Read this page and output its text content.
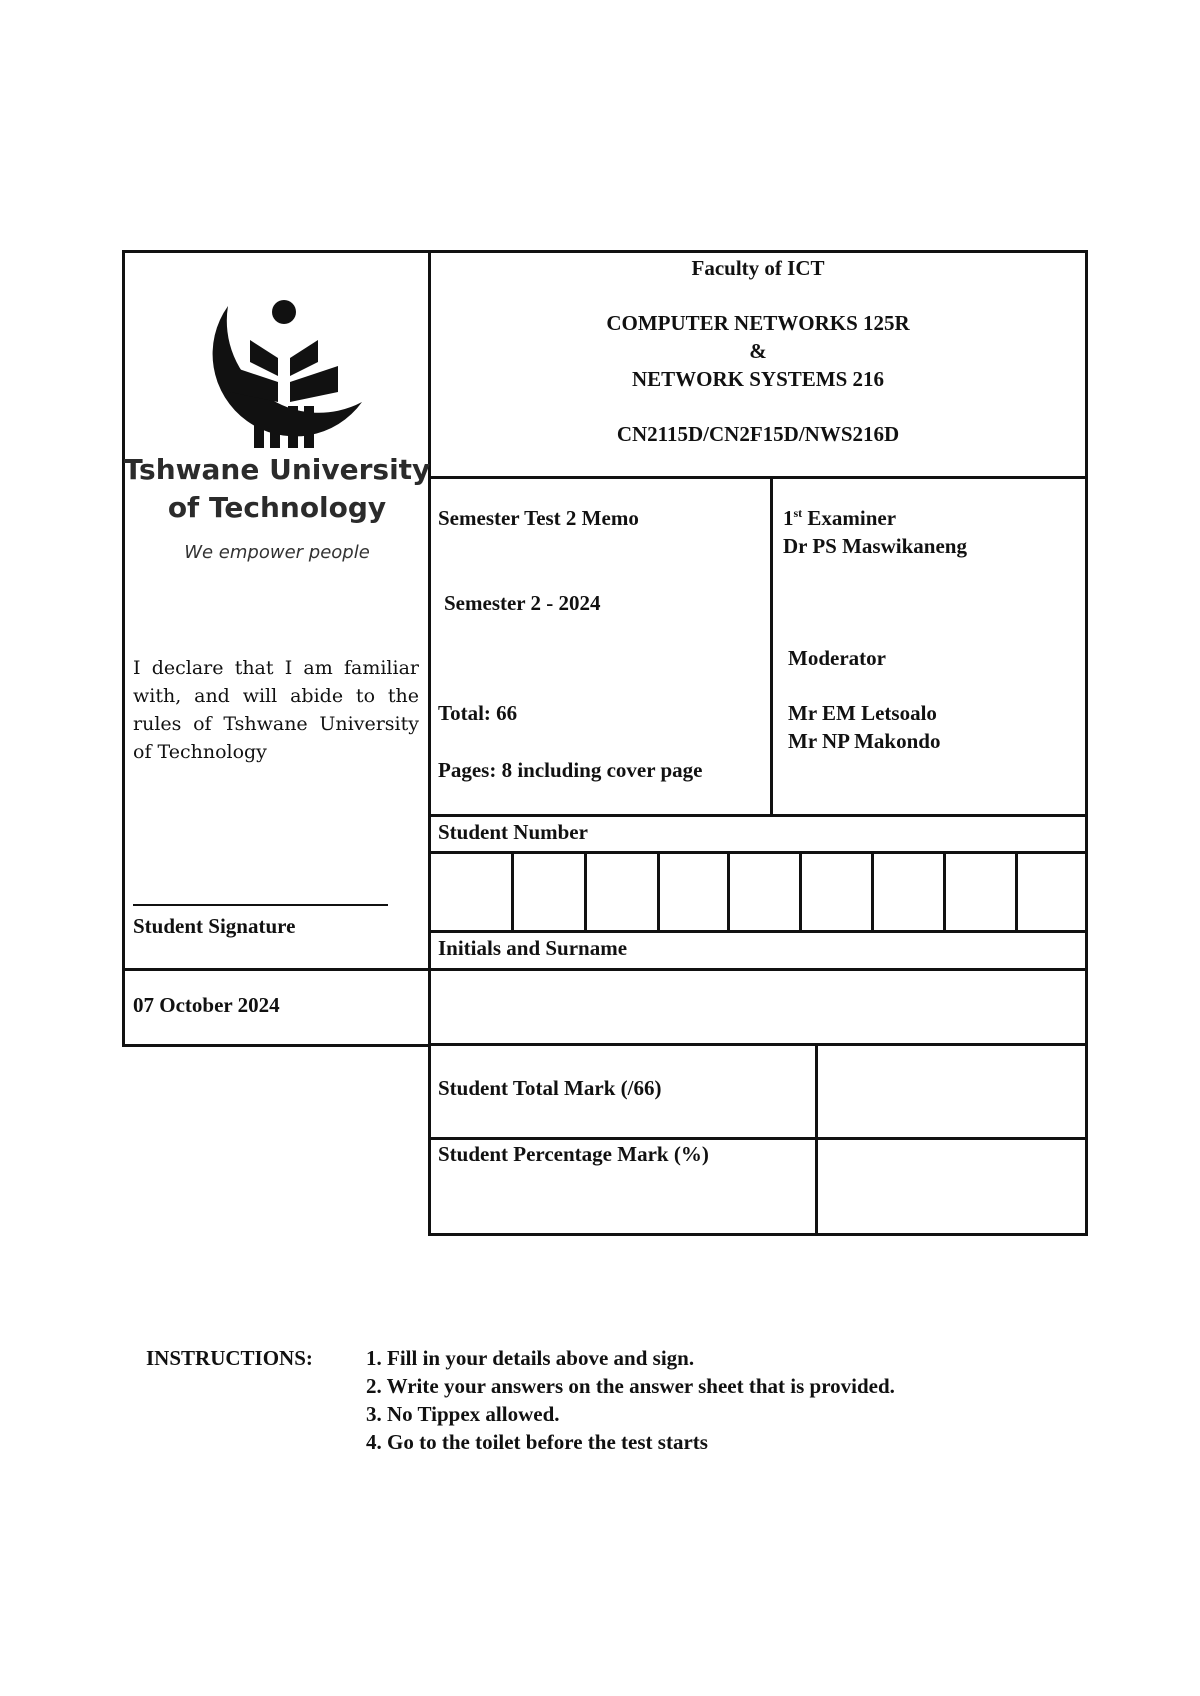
Tshwane University
of Technology
We empower people
I declare that I am familiar with, and will abide to the rules of Tshwane University of Technology
Student Signature
07 October 2024
Faculty of ICT
COMPUTER NETWORKS 125R
&
NETWORK SYSTEMS 216
CN2115D/CN2F15D/NWS216D
Semester Test 2 Memo
Semester 2 - 2024
Total: 66
Pages: 8 including cover page
1st Examiner
Dr PS Maswikaneng
Moderator
Mr EM Letsoalo
Mr NP Makondo
Student Number
Initials and Surname
Student Total Mark (/66)
Student Percentage Mark (%)
INSTRUCTIONS:	1. Fill in your details above and sign.
2. Write your answers on the answer sheet that is provided.
3. No Tippex allowed.
4. Go to the toilet before the test starts
